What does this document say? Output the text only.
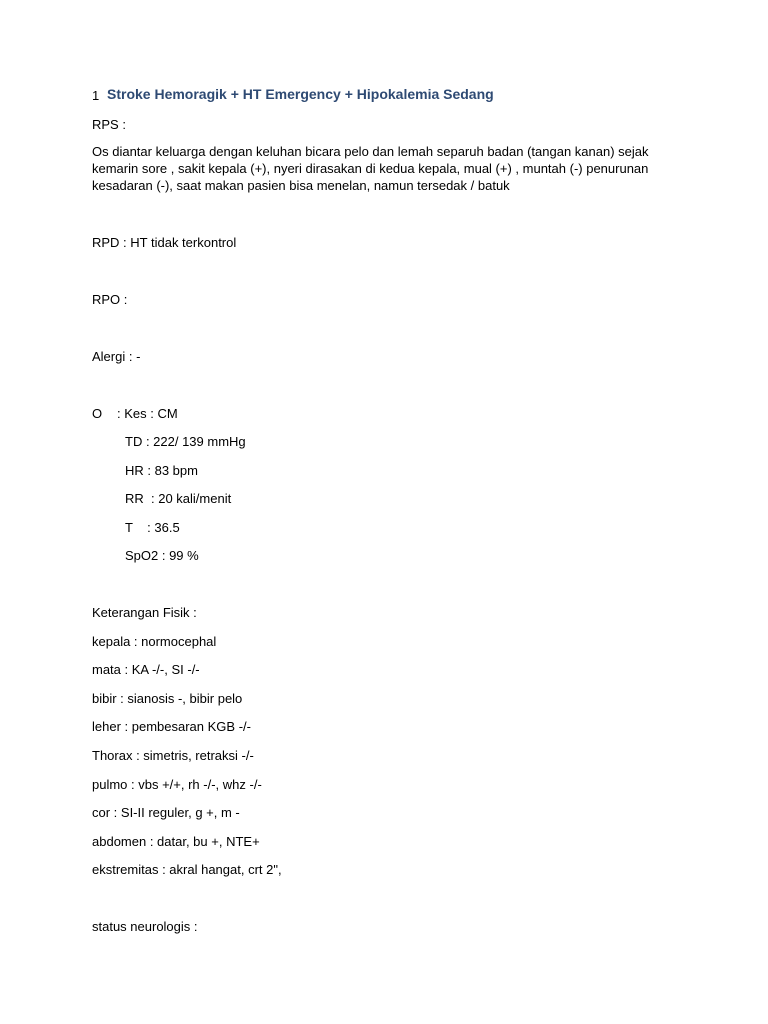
1 Stroke Hemoragik + HT Emergency + Hipokalemia Sedang
RPS :
Os diantar keluarga dengan keluhan bicara pelo dan lemah separuh badan (tangan kanan) sejak
kemarin sore , sakit kepala (+), nyeri dirasakan di kedua kepala, mual (+) , muntah (-) penurunan
kesadaran (-), saat makan pasien bisa menelan, namun tersedak / batuk
RPD : HT tidak terkontrol
RPO :
Alergi : -
O : Kes : CM
TD : 222/ 139 mmHg
HR : 83 bpm
RR  : 20 kali/menit
T    : 36.5
SpO2 : 99 %
Keterangan Fisik :
kepala : normocephal
mata : KA -/-, SI -/-
bibir : sianosis -, bibir pelo
leher : pembesaran KGB -/-
Thorax : simetris, retraksi -/-
pulmo : vbs +/+, rh -/-, whz -/-
cor : SI-II reguler, g +, m -
abdomen : datar, bu +, NTE+
ekstremitas : akral hangat, crt 2",
status neurologis :
